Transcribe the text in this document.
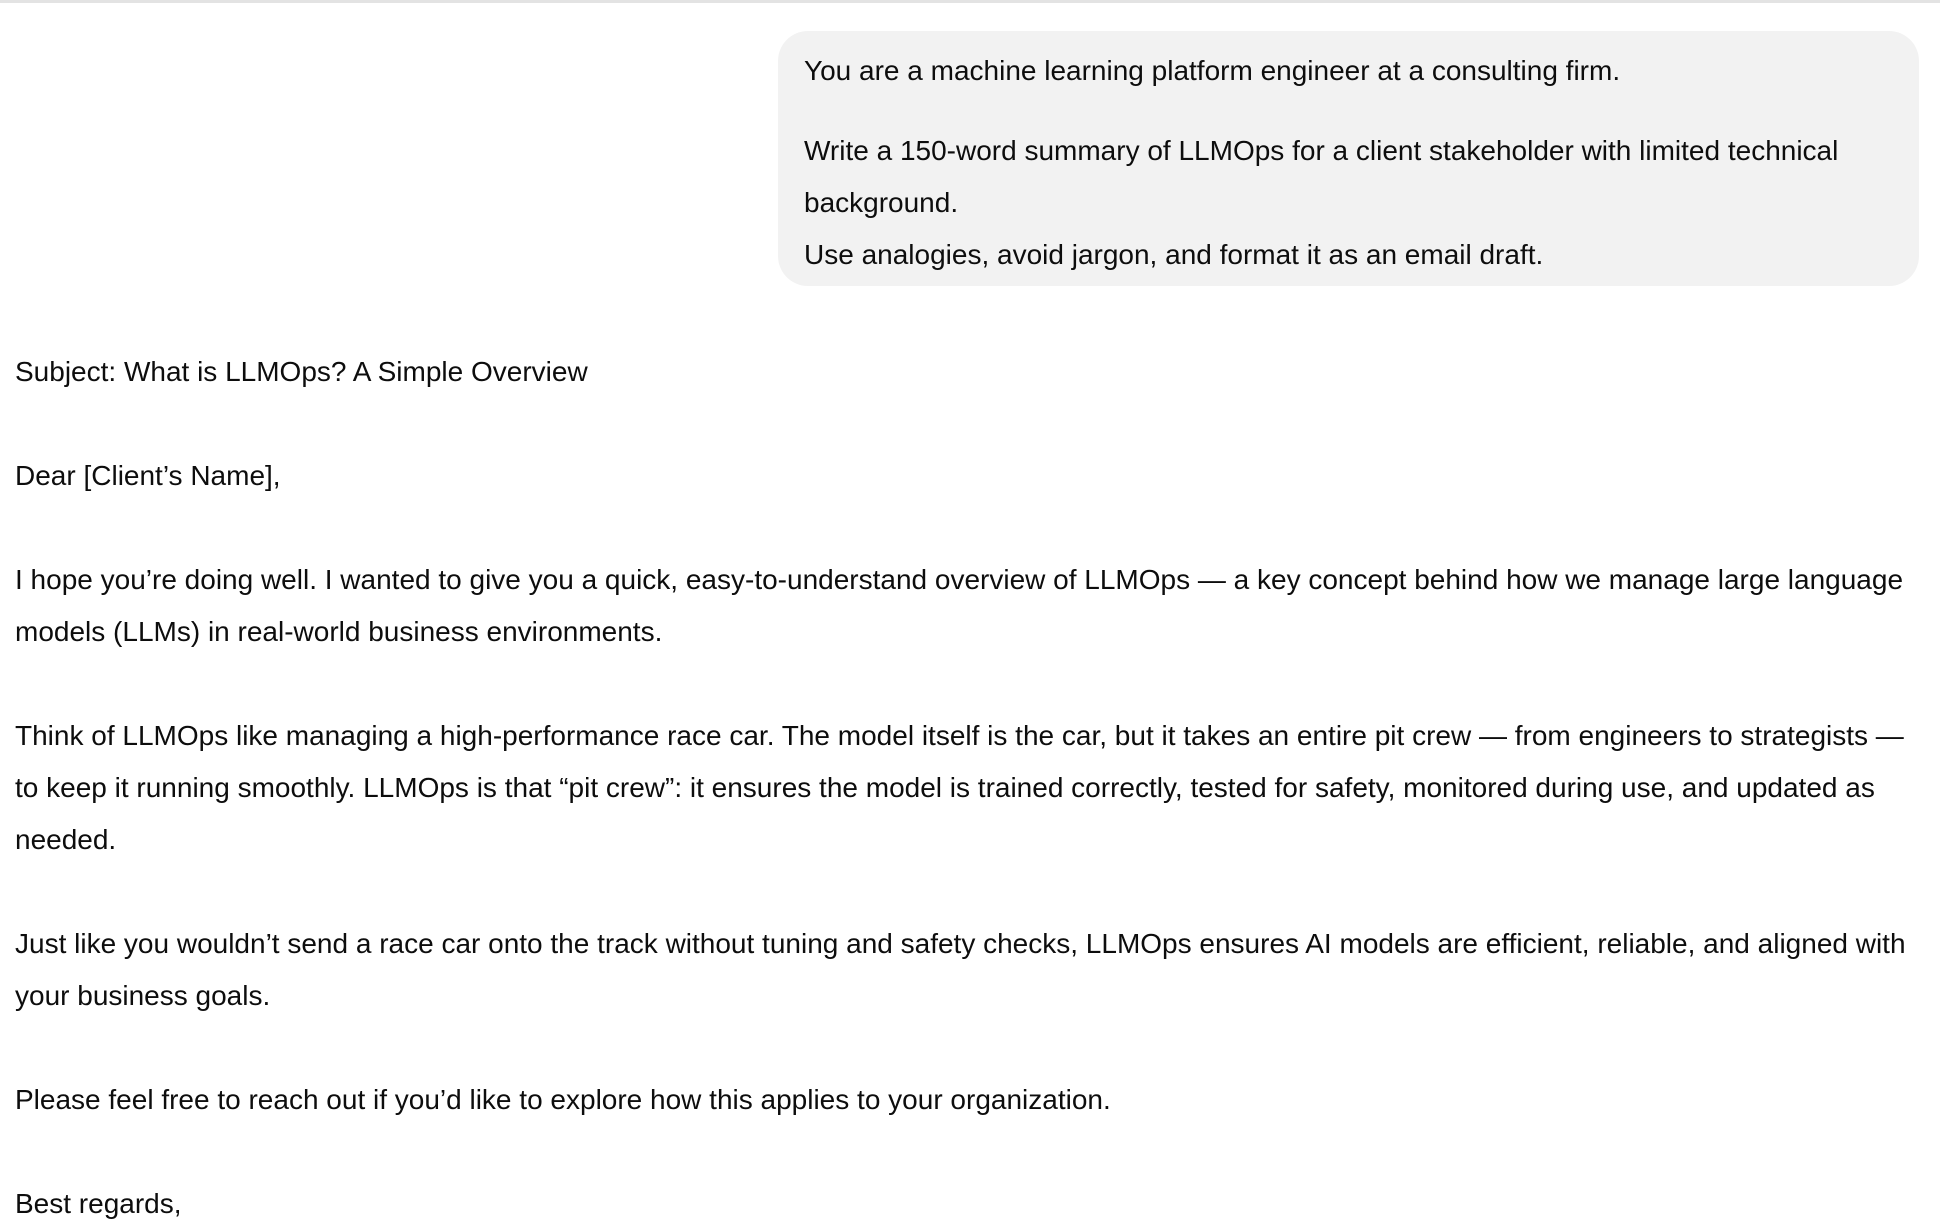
You are a machine learning platform engineer at a consulting firm.

Write a 150-word summary of LLMOps for a client stakeholder with limited technical

background.

Use analogies, avoid jargon, and format it as an email draft.

Subject: What is LLMOps? A Simple Overview

Dear [Client’s Name],

I hope you’re doing well. I wanted to give you a quick, easy-to-understand overview of LLMOps — a key concept behind how we manage large language models (LLMs) in real-world business environments.

Think of LLMOps like managing a high-performance race car. The model itself is the car, but it takes an entire pit crew — from engineers to strategists — to keep it running smoothly. LLMOps is that “pit crew”: it ensures the model is trained correctly, tested for safety, monitored during use, and updated as needed.

Just like you wouldn’t send a race car onto the track without tuning and safety checks, LLMOps ensures AI models are efficient, reliable, and aligned with your business goals.

Please feel free to reach out if you’d like to explore how this applies to your organization.

Best regards,
